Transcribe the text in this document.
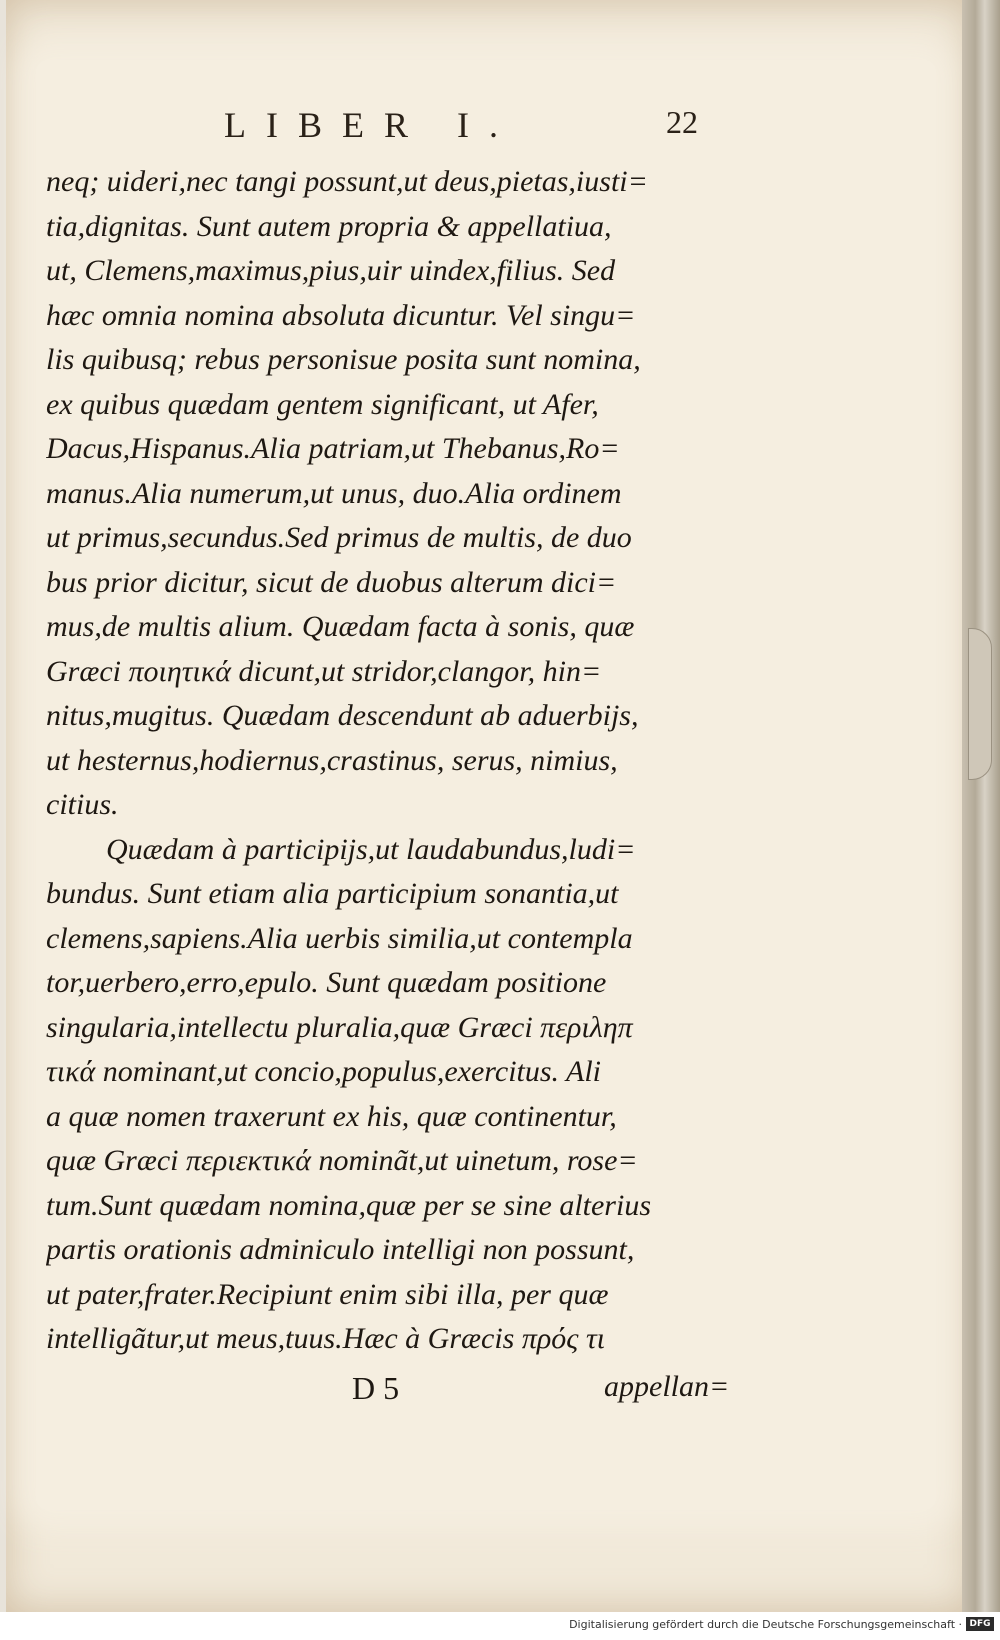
LIBER I.	22
neq; uideri,nec tangi possunt,ut deus,pietas,iusti=
tia,dignitas. Sunt autem propria & appellatiua,
ut, Clemens,maximus,pius,uir uindex,filius. Sed
hæc omnia nomina absoluta dicuntur. Vel singu=
lis quibusq; rebus personisue posita sunt nomina,
ex quibus quædam gentem significant, ut Afer,
Dacus,Hispanus.Alia patriam,ut Thebanus,Ro=
manus.Alia numerum,ut unus, duo.Alia ordinem
ut primus,secundus.Sed primus de multis, de duo
bus prior dicitur, sicut de duobus alterum dici=
mus,de multis alium. Quædam facta à sonis, quæ
Græci ποιητικά dicunt,ut stridor,clangor, hin=
nitus,mugitus. Quædam descendunt ab aduerbijs,
ut hesternus,hodiernus,crastinus, serus, nimius,
citius.
Quædam à participijs,ut laudabundus,ludi=
bundus. Sunt etiam alia participium sonantia,ut
clemens,sapiens.Alia uerbis similia,ut contempla
tor,uerbero,erro,epulo. Sunt quædam positione
singularia,intellectu pluralia,quæ Græci περιληπ
τικά nominant,ut concio,populus,exercitus. Ali
a quæ nomen traxerunt ex his, quæ continentur,
quæ Græci περιεκτικά nominãt,ut uinetum, rose=
tum.Sunt quædam nomina,quæ per se sine alterius
partis orationis adminiculo intelligi non possunt,
ut pater,frater.Recipiunt enim sibi illa, per quæ
intelligãtur,ut meus,tuus.Hæc à Græcis πρός τι
D 5	appellan=
Digitalisierung gefördert durch die Deutsche Forschungsgemeinschaft · DFG
